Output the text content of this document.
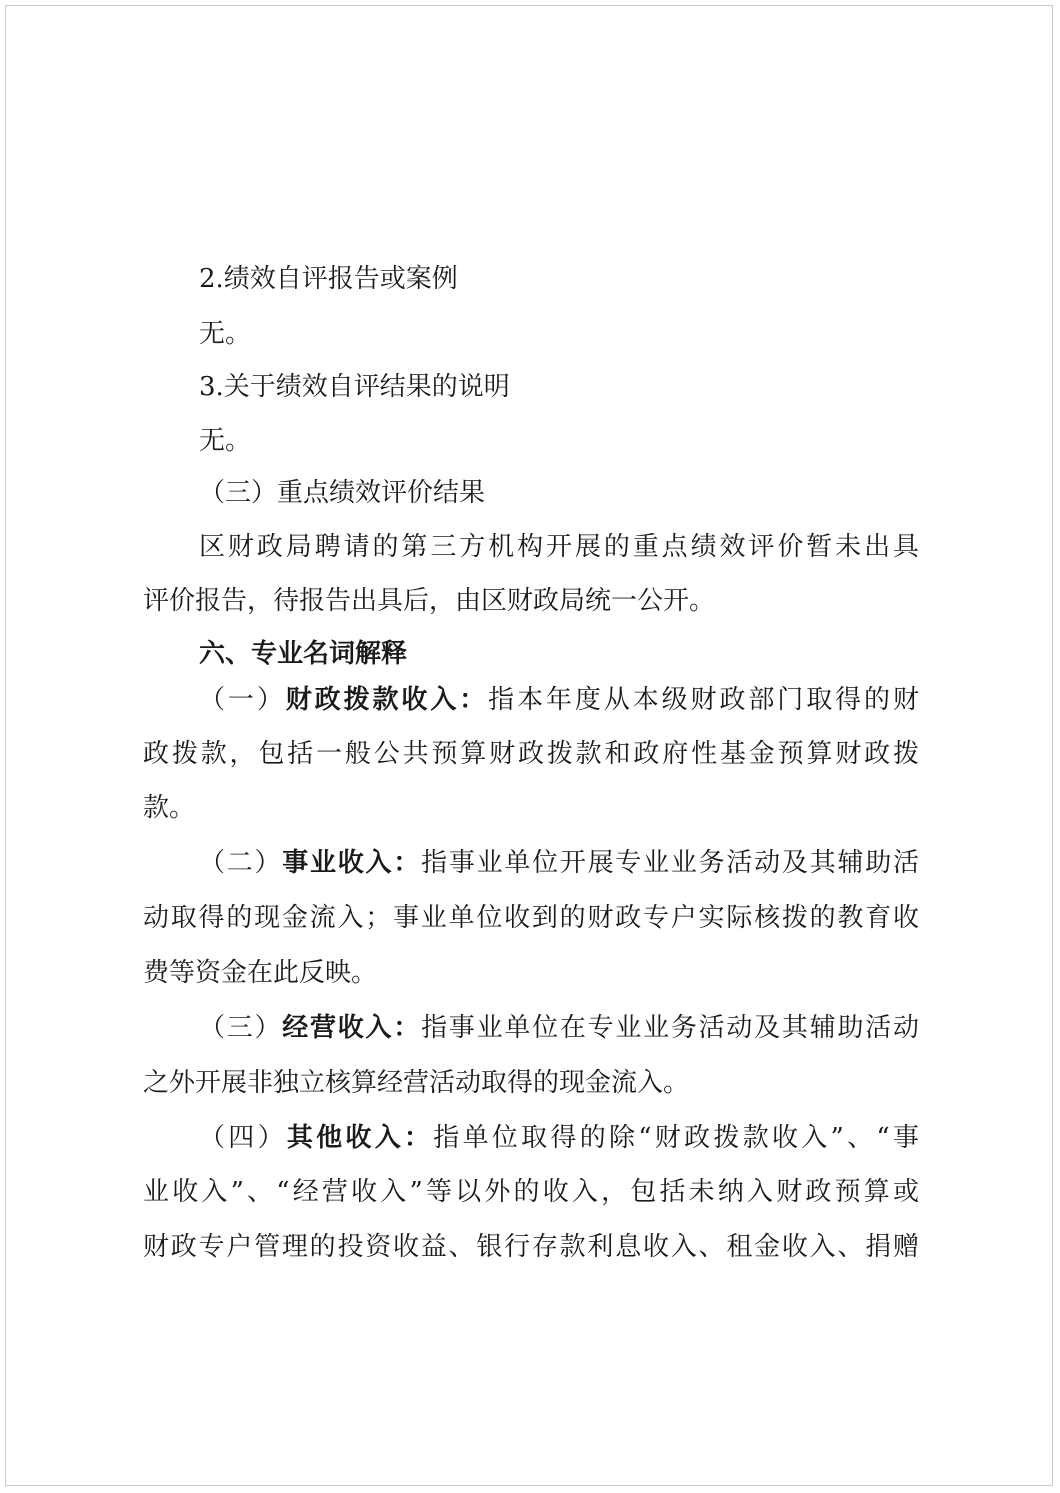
2.绩效自评报告或案例
无。
3.关于绩效自评结果的说明
无。
（三）重点绩效评价结果
区财政局聘请的第三方机构开展的重点绩效评价暂未出具
评价报告，待报告出具后，由区财政局统一公开。
六、专业名词解释
（一）财政拨款收入：指本年度从本级财政部门取得的财
政拨款，包括一般公共预算财政拨款和政府性基金预算财政拨
款。
（二）事业收入：指事业单位开展专业业务活动及其辅助活
动取得的现金流入；事业单位收到的财政专户实际核拨的教育收
费等资金在此反映。
（三）经营收入：指事业单位在专业业务活动及其辅助活动
之外开展非独立核算经营活动取得的现金流入。
（四）其他收入：指单位取得的除“财政拨款收入”、“事
业收入”、“经营收入”等以外的收入，包括未纳入财政预算或
财政专户管理的投资收益、银行存款利息收入、租金收入、捐赠
